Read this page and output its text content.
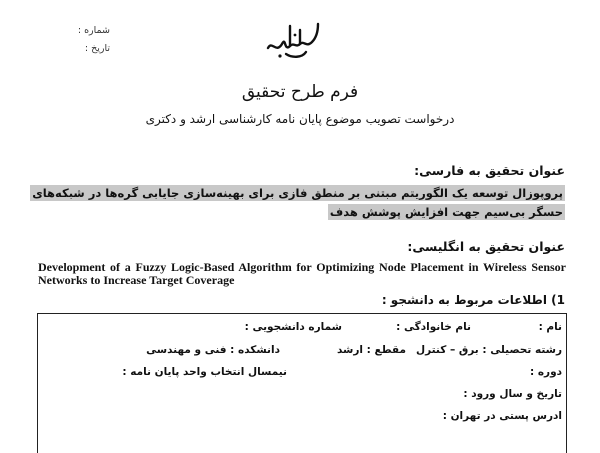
شماره :
تاریخ :
فرم طرح تحقیق
درخواست تصویب موضوع پایان نامه کارشناسی ارشد و دکتری
عنوان تحقیق به فارسی:
پروپوزال توسعه یک الگوریتم مبتنی بر منطق فازی برای بهینه‌سازی جایابی گره‌ها در شبکه‌های حسگر بی‌سیم جهت افزایش پوشش هدف
عنوان تحقیق به انگلیسی:
Development of a Fuzzy Logic-Based Algorithm for Optimizing Node Placement in Wireless Sensor Networks to Increase Target Coverage
1) اطلاعات مربوط به دانشجو :
نام :
نام خانوادگی :
شماره دانشجویی :
رشته تحصیلی : برق – کنترل
مقطع : ارشد
دانشکده : فنی و مهندسی
دوره :
نیمسال انتخاب واحد پایان نامه :
تاریخ و سال ورود :
ادرس پستی در تهران :
